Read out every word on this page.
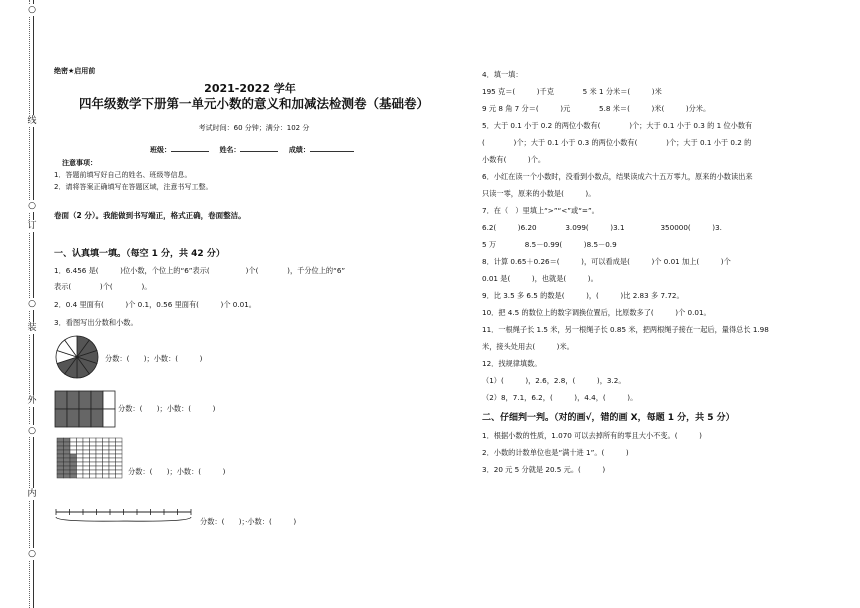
线
订
装
外
内
○
○
○
○
○
绝密★启用前
2021-2022 学年
四年级数学下册第一单元小数的意义和加减法检测卷（基础卷）
考试时间：60 分钟；满分：102 分
班级：	姓名：	成绩：
注意事项：
1．答题前填写好自己的姓名、班级等信息。
2．请将答案正确填写在答题区域，注意书写工整。
卷面（2 分）。我能做到书写端正，格式正确，卷面整洁。
一、认真填一填。（每空 1 分，共 42 分）
1．6.456 是(　　　)位小数，个位上的“6”表示(　　　　　)个(　　　　)，千分位上的“6”
表示(　　　　)个(　　　　)。
2．0.4 里面有(　　　)个 0.1，0.56 里面有(　　　)个 0.01。
3．看图写出分数和小数。
分数：(　　)；小数：(　　　)
分数：(　　)；小数：(　　　)
分数：(　　)；小数：(　　　)
分数：(　　)；·小数：(　　　)
4．填一填：
195 克＝(　　　)千克　　　　5 米 1 分米＝(　　　)米
9 元 8 角 7 分＝(　　　)元　　　　5.8 米＝(　　　)米(　　　)分米。
5．大于 0.1 小于 0.2 的两位小数有(　　　　)个；大于 0.1 小于 0.3 的 1 位小数有
(　　　　)个；大于 0.1 小于 0.3 的两位小数有(　　　　)个；大于 0.1 小于 0.2 的
小数有(　　　)个。
6．小红在读一个小数时，没看到小数点，结果读成六十五万零九，原来的小数读出来
只读一零，原来的小数是(　　　)。
7．在（　）里填上“>”“<”或“=”。
6.2(　　　)6.20　　　　3.099(　　　)3.1　　　　　350000(　　　)3.
5 万　　　　8.5－0.99(　　　)8.5－0.9
8．计算 0.65＋0.26＝(　　　)，可以看成是(　　　)个 0.01 加上(　　　)个
0.01 是(　　　)，也就是(　　　)。
9．比 3.5 多 6.5 的数是(　　　)，(　　　)比 2.83 多 7.72。
10．把 4.5 的数位上的数字调换位置后，比原数多了(　　　)个 0.01。
11．一根绳子长 1.5 米，另一根绳子长 0.85 米，把两根绳子接在一起后，量得总长 1.98
米，接头处用去(　　　)米。
12．找规律填数。
（1）(　　　)，2.6，2.8，(　　　)，3.2。
（2）8，7.1，6.2，(　　　)，4.4，(　　　)。
二、仔细判一判。（对的画√，错的画 X，每题 1 分，共 5 分）
1．根据小数的性质，1.070 可以去掉所有的零且大小不变。(　　　)
2．小数的计数单位也是“满十进 1”。(　　　)
3．20 元 5 分就是 20.5 元。(　　　)
